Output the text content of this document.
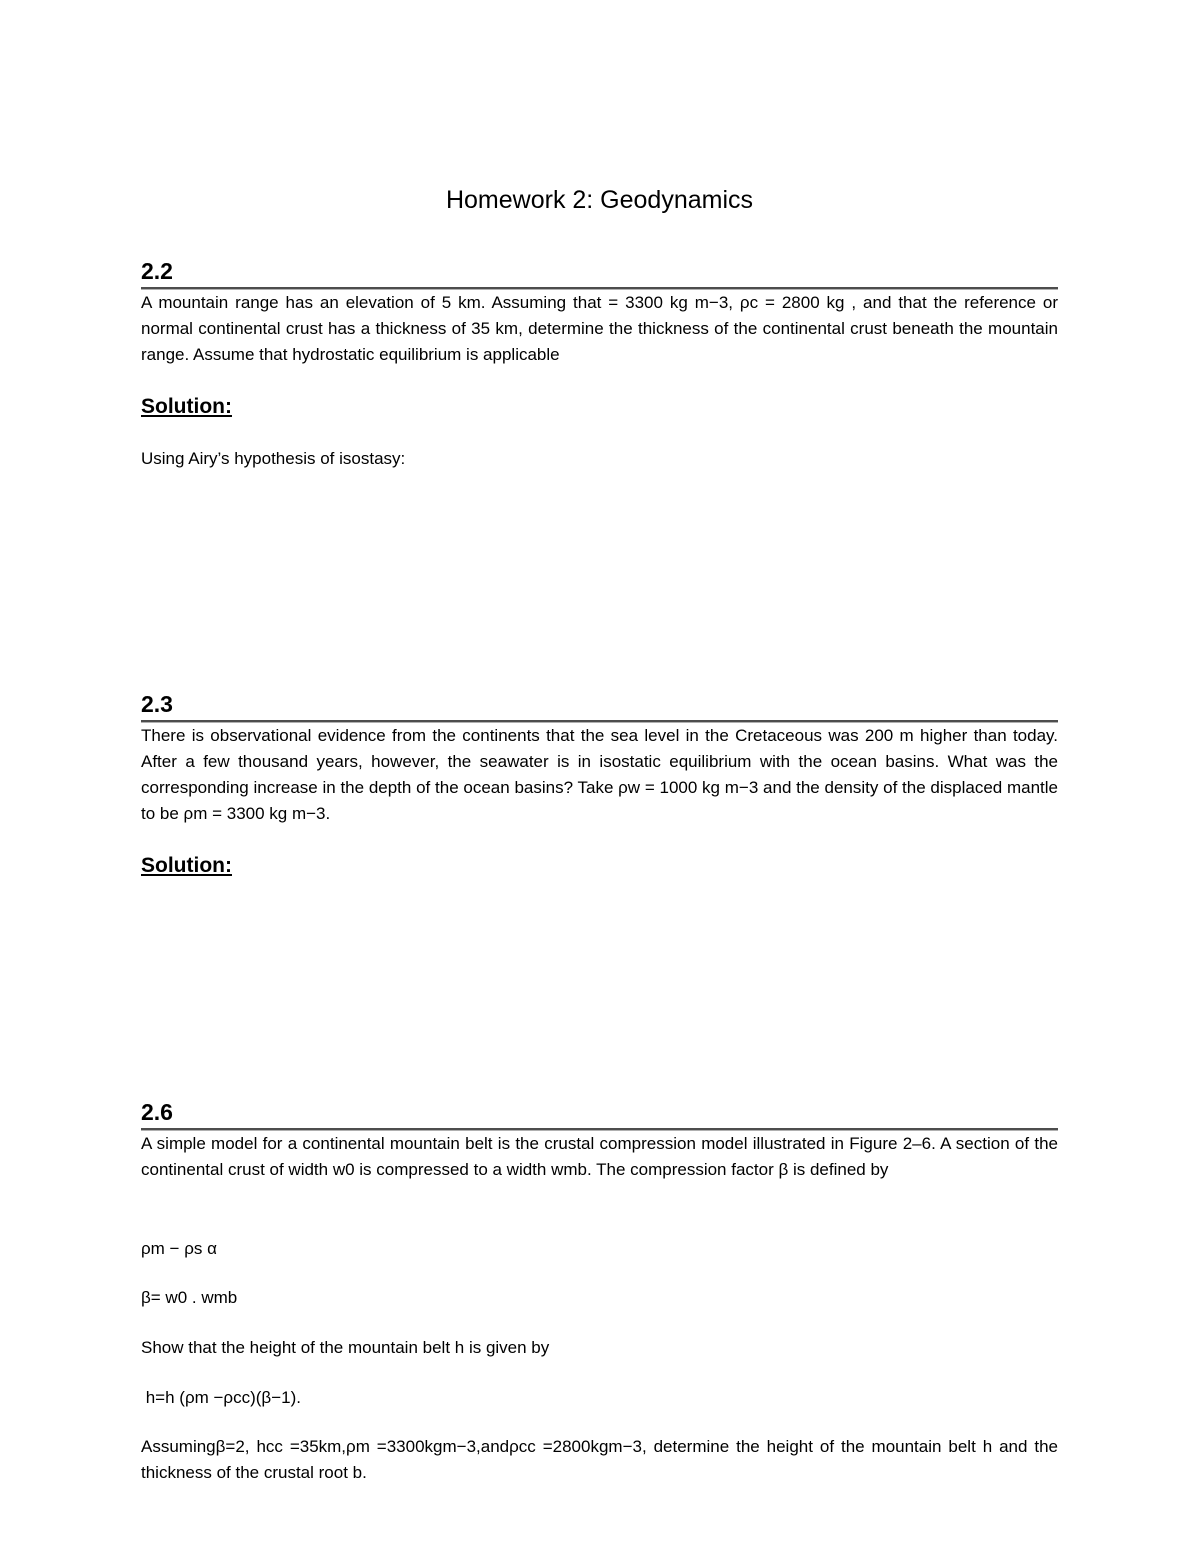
Homework 2: Geodynamics
2.2

A mountain range has an elevation of 5 km. Assuming that = 3300 kg m−3, ρc = 2800 kg , and that the reference or normal continental crust has a thickness of 35 km, determine the thickness of the continental crust beneath the mountain range. Assume that hydrostatic equilibrium is applicable

Solution:
Using Airy’s hypothesis of isostasy:
2.3

There is observational evidence from the continents that the sea level in the Cretaceous was 200 m higher than today. After a few thousand years, however, the seawater is in isostatic equilibrium with the ocean basins. What was the corresponding increase in the depth of the ocean basins? Take ρw = 1000 kg m−3 and the density of the displaced mantle to be ρm = 3300 kg m−3.

Solution:
2.6

A simple model for a continental mountain belt is the crustal compression model illustrated in Figure 2–6. A section of the continental crust of width w0 is compressed to a width wmb. The compression factor β is defined by

ρm − ρs α
β= w0 . wmb
Show that the height of the mountain belt h is given by
h=h (ρm −ρcc)(β−1).

Assumingβ=2, hcc =35km,ρm =3300kgm−3,andρcc =2800kgm−3, determine the height of the mountain belt h and the thickness of the crustal root b.
